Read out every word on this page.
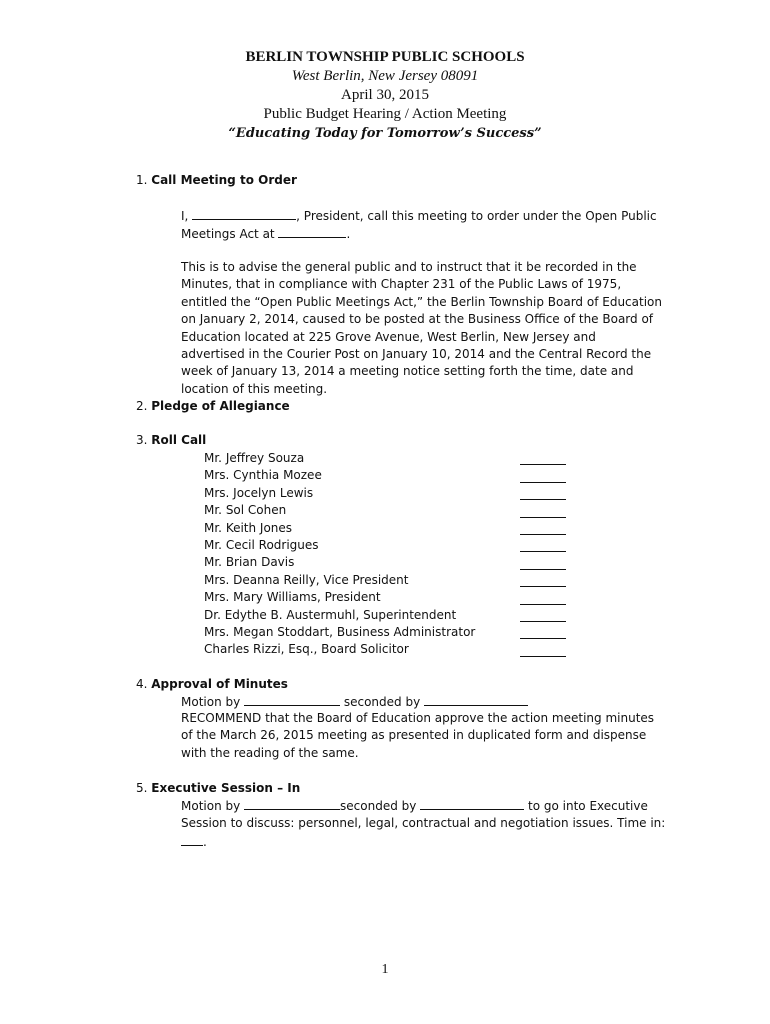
BERLIN TOWNSHIP PUBLIC SCHOOLS
West Berlin, New Jersey 08091
April 30, 2015
Public Budget Hearing / Action Meeting
“Educating Today for Tomorrow’s Success”
1. Call Meeting to Order
I,	, President, call this meeting to order under the Open Public
Meetings Act at	.
This is to advise the general public and to instruct that it be recorded in the Minutes, that in compliance with Chapter 231 of the Public Laws of 1975, entitled the “Open Public Meetings Act,” the Berlin Township Board of Education on January 2, 2014, caused to be posted at the Business Office of the Board of Education located at 225 Grove Avenue, West Berlin, New Jersey and advertised in the Courier Post on January 10, 2014 and the Central Record the week of January 13, 2014 a meeting notice setting forth the time, date and location of this meeting.
2. Pledge of Allegiance
3. Roll Call
Mr. Jeffrey Souza
Mrs. Cynthia Mozee
Mrs. Jocelyn Lewis
Mr. Sol Cohen
Mr. Keith Jones
Mr. Cecil Rodrigues
Mr. Brian Davis
Mrs. Deanna Reilly, Vice President
Mrs. Mary Williams, President
Dr. Edythe B. Austermuhl, Superintendent
Mrs. Megan Stoddart, Business Administrator
Charles Rizzi, Esq., Board Solicitor
4. Approval of Minutes
Motion by	seconded by
RECOMMEND that the Board of Education approve the action meeting minutes of the March 26, 2015 meeting as presented in duplicated form and dispense with the reading of the same.
5. Executive Session – In
Motion by	seconded by	to go into Executive
Session to discuss: personnel, legal, contractual and negotiation issues. Time in:
.
1
